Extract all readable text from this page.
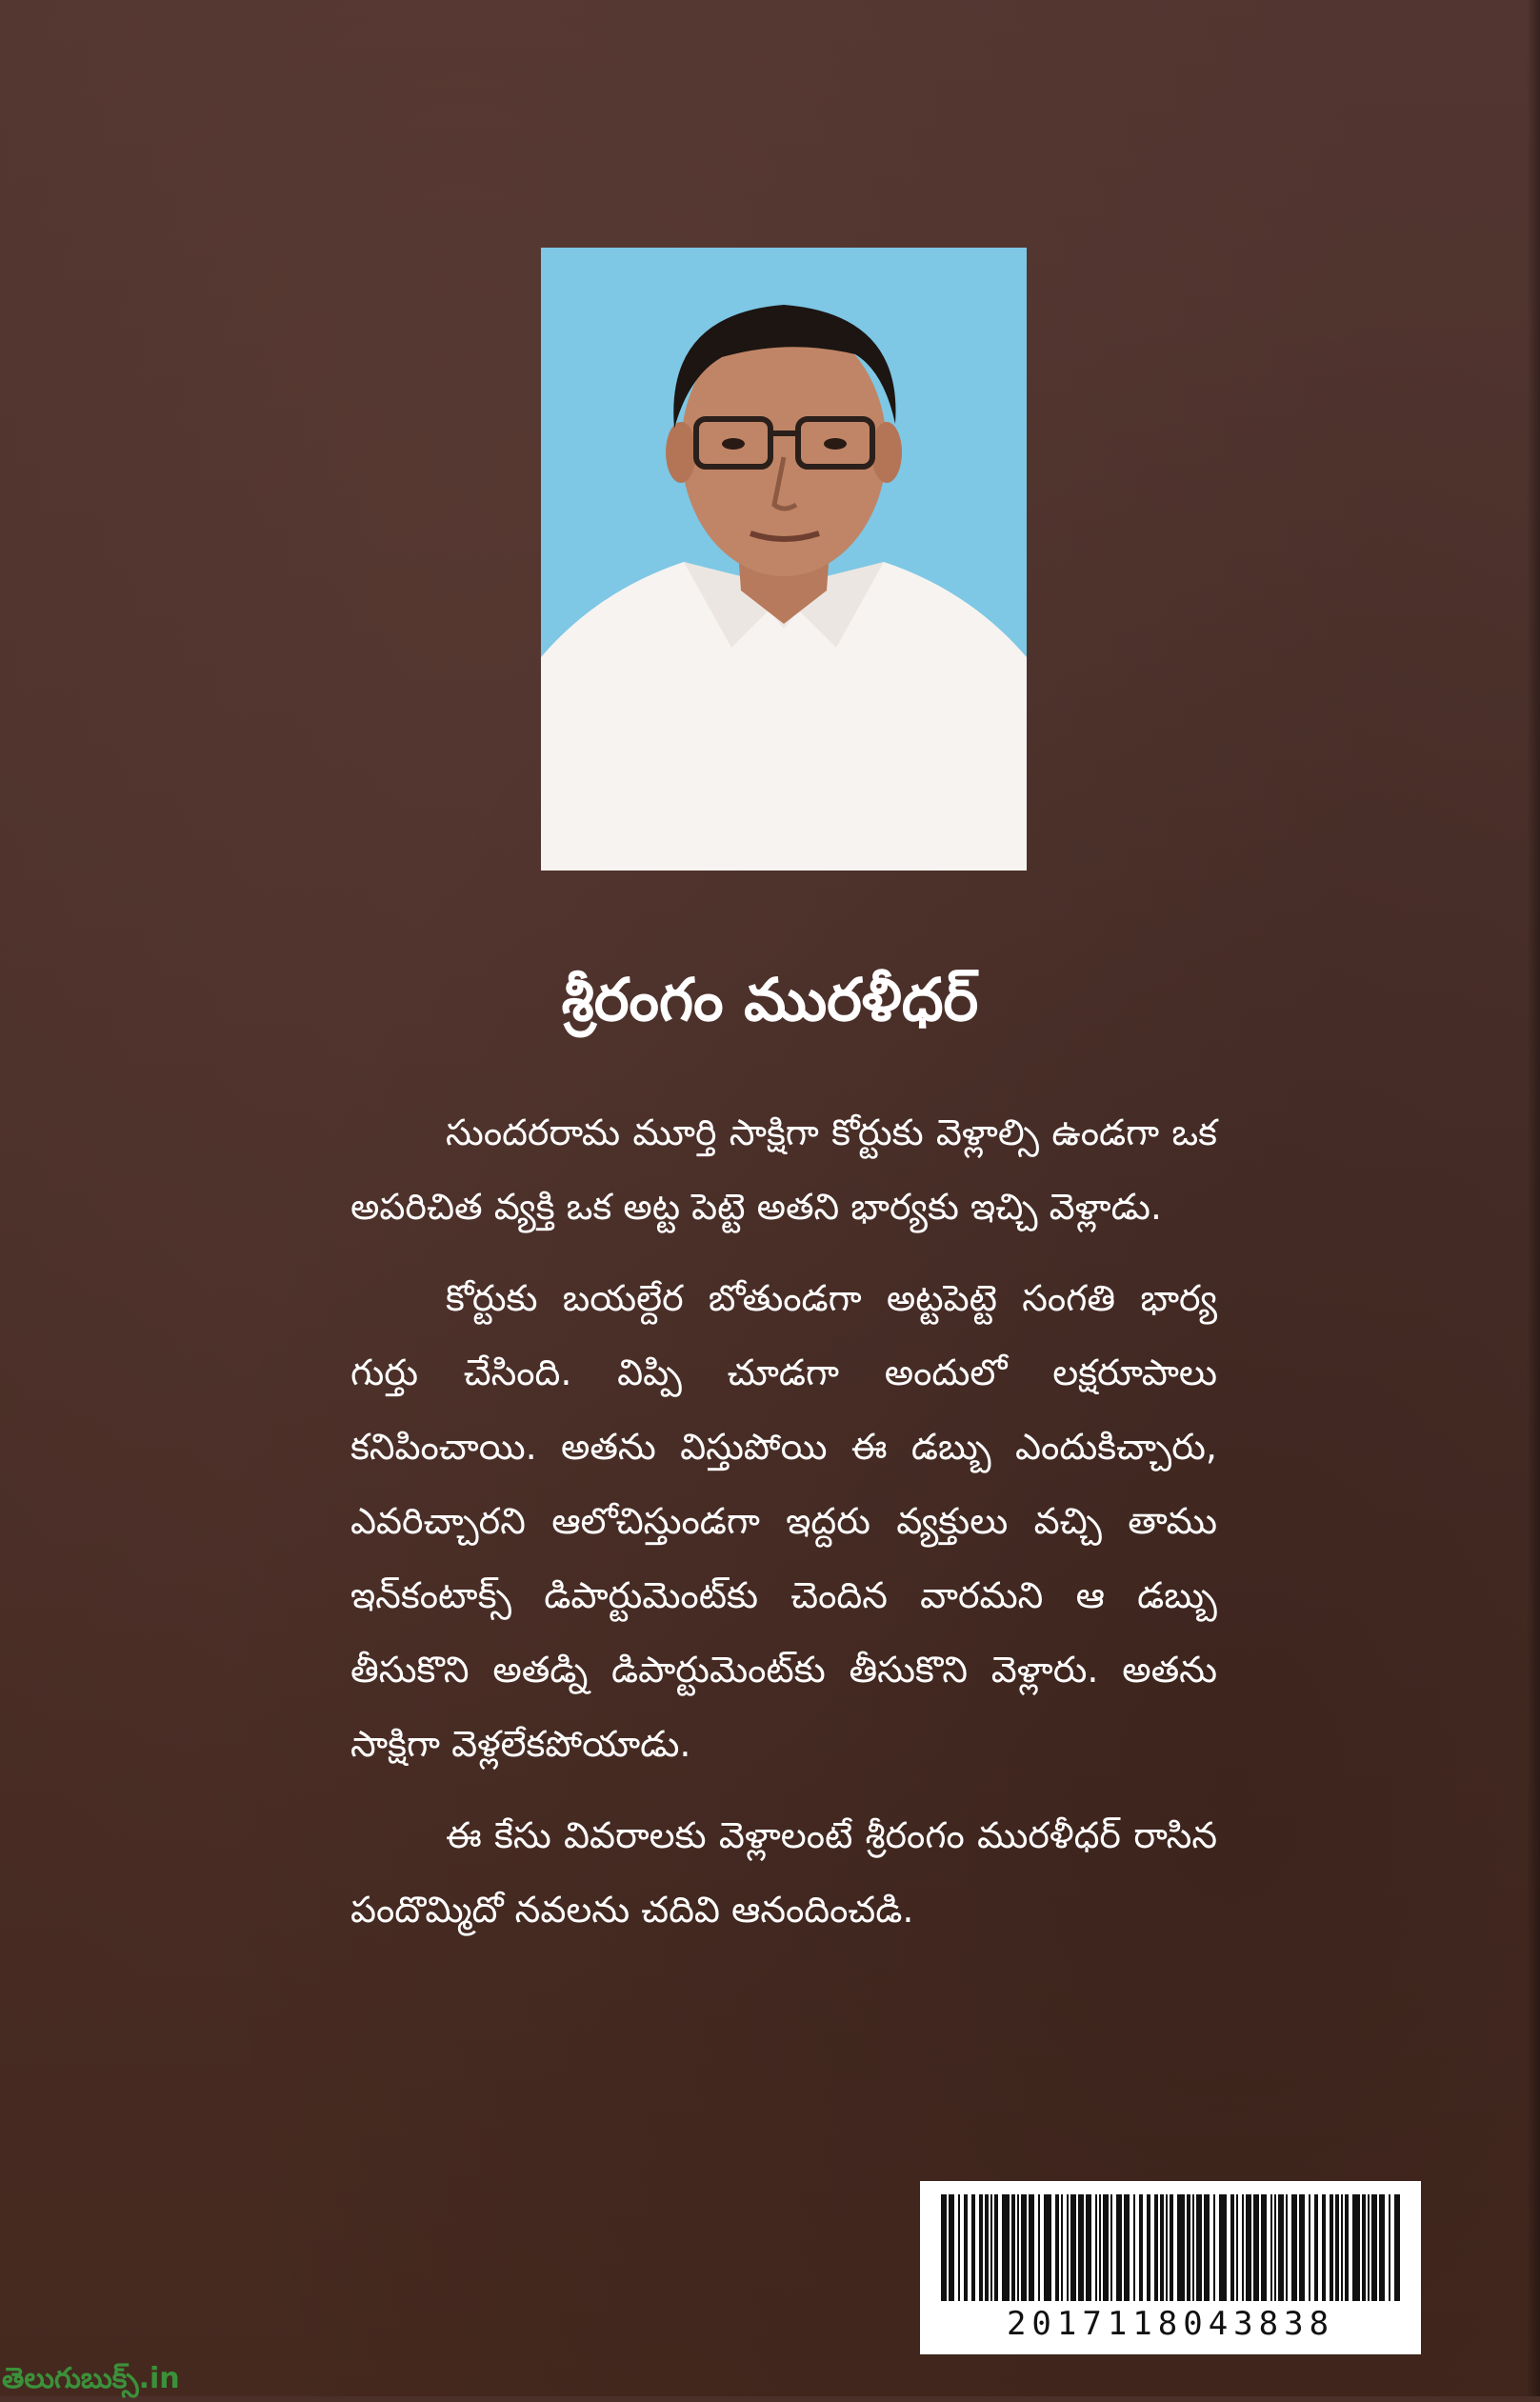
శ్రీరంగం మురళీధర్

సుందరరామ మూర్తి సాక్షిగా కోర్టుకు వెళ్లాల్సి ఉండగా ఒక అపరిచిత వ్యక్తి ఒక అట్ట పెట్టె అతని భార్యకు ఇచ్చి వెళ్లాడు.

కోర్టుకు బయల్దేర బోతుండగా అట్టపెట్టె సంగతి భార్య గుర్తు చేసింది. విప్పి చూడగా అందులో లక్షరూపాలు కనిపించాయి. అతను విస్తుపోయి ఈ డబ్బు ఎందుకిచ్చారు, ఎవరిచ్చారని ఆలోచిస్తుండగా ఇద్దరు వ్యక్తులు వచ్చి తాము ఇన్‌కంటాక్స్ డిపార్టుమెంట్‌కు చెందిన వారమని ఆ డబ్బు తీసుకొని అతడ్ని డిపార్టుమెంట్‌కు తీసుకొని వెళ్లారు. అతను సాక్షిగా వెళ్లలేకపోయాడు.

ఈ కేసు వివరాలకు వెళ్లాలంటే శ్రీరంగం మురళీధర్ రాసిన పందొమ్మిదో నవలను చదివి ఆనందించడి.

2017118043838
తెలుగుబుక్స్.in
